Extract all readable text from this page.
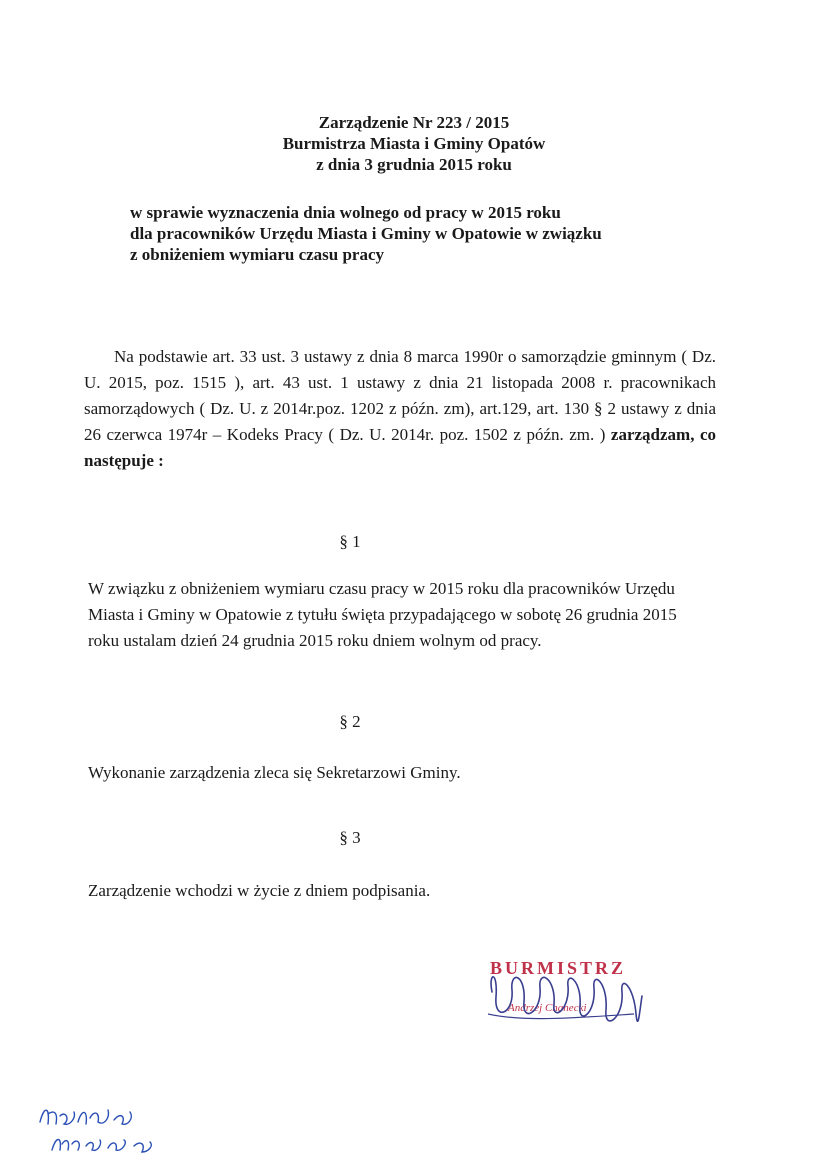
Zarządzenie Nr 223 / 2015
Burmistrza Miasta i Gminy Opatów
z dnia 3 grudnia 2015 roku
w sprawie wyznaczenia dnia wolnego od pracy w 2015 roku
dla pracowników Urzędu Miasta i Gminy w Opatowie w związku
z obniżeniem wymiaru czasu pracy
Na podstawie art. 33 ust. 3 ustawy z dnia 8 marca 1990r o samorządzie gminnym ( Dz. U. 2015, poz. 1515 ), art. 43 ust. 1 ustawy z dnia 21 listopada 2008 r. pracownikach samorządowych ( Dz. U. z 2014r.poz. 1202 z późn. zm), art.129, art. 130 § 2 ustawy z dnia 26 czerwca 1974r – Kodeks Pracy ( Dz. U. 2014r. poz. 1502 z późn. zm. ) zarządzam, co następuje :
§ 1
W związku z obniżeniem wymiaru czasu pracy w 2015 roku dla pracowników Urzędu Miasta i Gminy w Opatowie z tytułu święta przypadającego w sobotę 26 grudnia 2015 roku ustalam dzień 24 grudnia 2015 roku dniem wolnym od pracy.
§ 2
Wykonanie zarządzenia zleca się Sekretarzowi Gminy.
§ 3
Zarządzenie wchodzi w życie z dniem podpisania.
BURMISTRZ
Andrzej Chanecki
